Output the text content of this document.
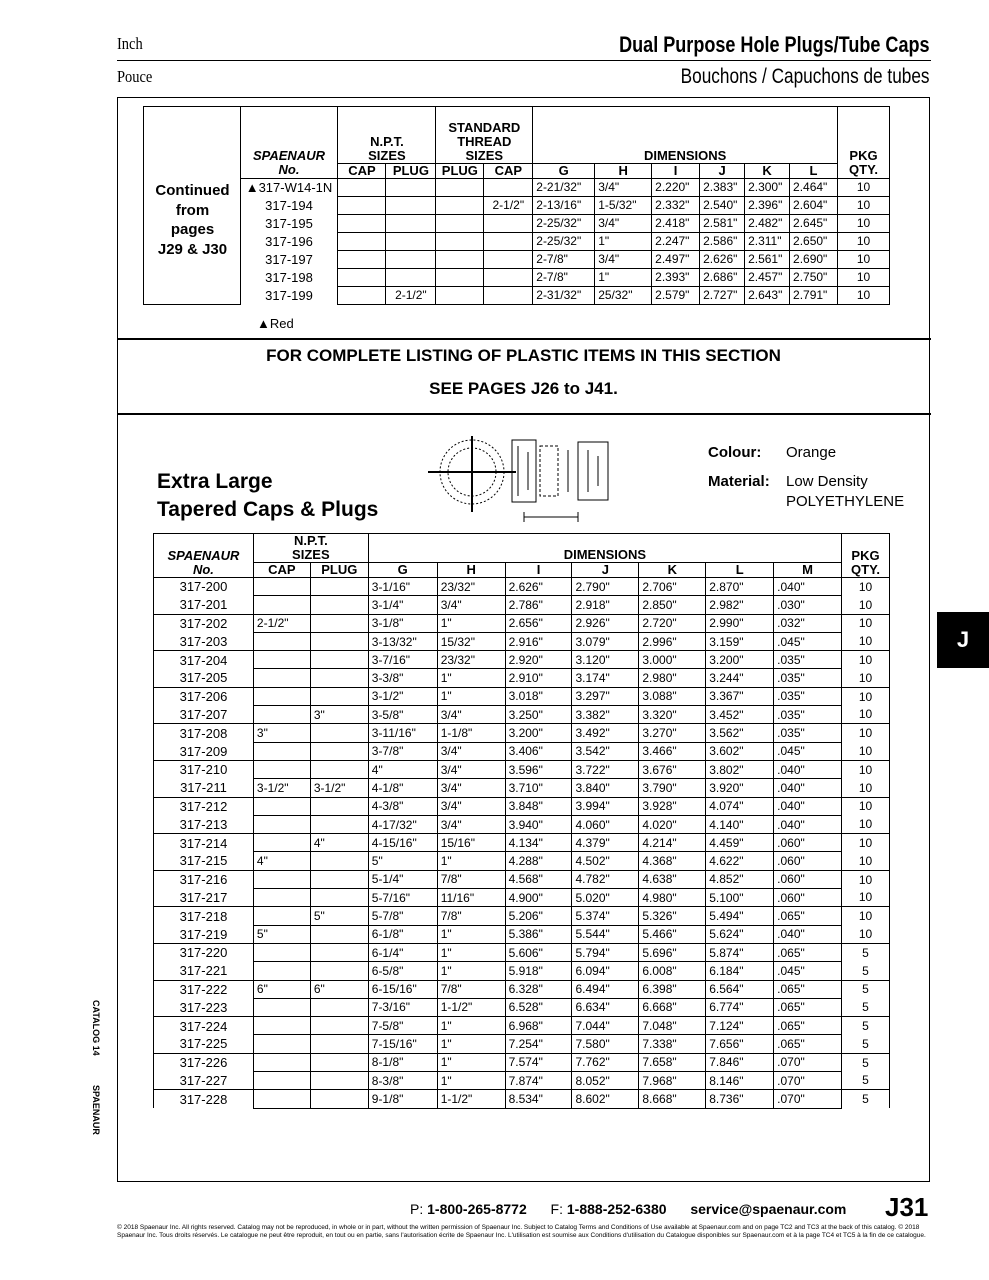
Inch
Pouce
Dual Purpose Hole Plugs/Tube Caps
Bouchons / Capuchons de tubes
Continued
from
pages
J29 & J30
	SPAENAUR	N.P.T.
SIZES		STANDARD
THREAD
SIZES		DIMENSIONS						PKG
	No.	CAP	PLUG	PLUG	CAP	G	H	I	J	K	L	QTY.
	▲317-W14-1N					2-21/32"	3/4"	2.220"	2.383"	2.300"	2.464"	10
	317-194				2-1/2"	2-13/16"	1-5/32"	2.332"	2.540"	2.396"	2.604"	10
	317-195					2-25/32"	3/4"	2.418"	2.581"	2.482"	2.645"	10
	317-196					2-25/32"	1"	2.247"	2.586"	2.311"	2.650"	10
	317-197					2-7/8"	3/4"	2.497"	2.626"	2.561"	2.690"	10
	317-198					2-7/8"	1"	2.393"	2.686"	2.457"	2.750"	10
	317-199		2-1/2"			2-31/32"	25/32"	2.579"	2.727"	2.643"	2.791"	10
▲Red
FOR COMPLETE LISTING OF PLASTIC ITEMS IN THIS SECTION
SEE PAGES J26 to J41.
Extra Large
Tapered Caps & Plugs
Colour: Orange
Material: Low Density
POLYETHYLENE
SPAENAUR	N.P.T.
SIZES		DIMENSIONS							PKG
No.	CAP	PLUG	G	H	I	J	K	L	M	QTY.
317-200			3-1/16"	23/32"	2.626"	2.790"	2.706"	2.870"	.040"	10
317-201			3-1/4"	3/4"	2.786"	2.918"	2.850"	2.982"	.030"	10
317-202	2-1/2"		3-1/8"	1"	2.656"	2.926"	2.720"	2.990"	.032"	10
317-203			3-13/32"	15/32"	2.916"	3.079"	2.996"	3.159"	.045"	10
317-204			3-7/16"	23/32"	2.920"	3.120"	3.000"	3.200"	.035"	10
317-205			3-3/8"	1"	2.910"	3.174"	2.980"	3.244"	.035"	10
317-206			3-1/2"	1"	3.018"	3.297"	3.088"	3.367"	.035"	10
317-207		3"	3-5/8"	3/4"	3.250"	3.382"	3.320"	3.452"	.035"	10
317-208	3"		3-11/16"	1-1/8"	3.200"	3.492"	3.270"	3.562"	.035"	10
317-209			3-7/8"	3/4"	3.406"	3.542"	3.466"	3.602"	.045"	10
317-210			4"	3/4"	3.596"	3.722"	3.676"	3.802"	.040"	10
317-211	3-1/2"	3-1/2"	4-1/8"	3/4"	3.710"	3.840"	3.790"	3.920"	.040"	10
317-212			4-3/8"	3/4"	3.848"	3.994"	3.928"	4.074"	.040"	10
317-213			4-17/32"	3/4"	3.940"	4.060"	4.020"	4.140"	.040"	10
317-214		4"	4-15/16"	15/16"	4.134"	4.379"	4.214"	4.459"	.060"	10
317-215	4"		5"	1"	4.288"	4.502"	4.368"	4.622"	.060"	10
317-216			5-1/4"	7/8"	4.568"	4.782"	4.638"	4.852"	.060"	10
317-217			5-7/16"	11/16"	4.900"	5.020"	4.980"	5.100"	.060"	10
317-218		5"	5-7/8"	7/8"	5.206"	5.374"	5.326"	5.494"	.065"	10
317-219	5"		6-1/8"	1"	5.386"	5.544"	5.466"	5.624"	.040"	10
317-220			6-1/4"	1"	5.606"	5.794"	5.696"	5.874"	.065"	5
317-221			6-5/8"	1"	5.918"	6.094"	6.008"	6.184"	.045"	5
317-222	6"	6"	6-15/16"	7/8"	6.328"	6.494"	6.398"	6.564"	.065"	5
317-223			7-3/16"	1-1/2"	6.528"	6.634"	6.668"	6.774"	.065"	5
317-224			7-5/8"	1"	6.968"	7.044"	7.048"	7.124"	.065"	5
317-225			7-15/16"	1"	7.254"	7.580"	7.338"	7.656"	.065"	5
317-226			8-1/8"	1"	7.574"	7.762"	7.658"	7.846"	.070"	5
317-227			8-3/8"	1"	7.874"	8.052"	7.968"	8.146"	.070"	5
317-228			9-1/8"	1-1/2"	8.534"	8.602"	8.668"	8.736"	.070"	5
J
CATALOG 14
SPAENAUR
P: 1-800-265-8772 F: 1-888-252-6380 service@spaenaur.com J31
© 2018 Spaenaur Inc. All rights reserved. Catalog may not be reproduced, in whole or in part, without the written permission of Spaenaur Inc. Subject to Catalog Terms and Conditions of Use available at Spaenaur.com and on page TC2 and TC3 at the back of this catalog. © 2018 Spaenaur Inc. Tous droits réservés. Le catalogue ne peut être reproduit, en tout ou en partie, sans l'autorisation écrite de Spaenaur Inc. L'utilisation est soumise aux Conditions d'utilisation du Catalogue disponibles sur Spaenaur.com et à la page TC4 et TC5 à la fin de ce catalogue.
